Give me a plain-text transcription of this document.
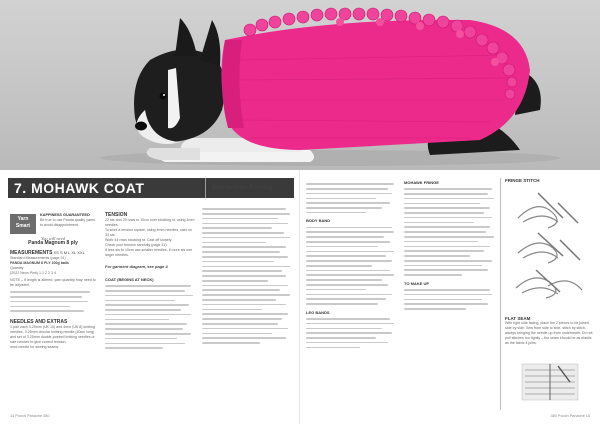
7. MOHAWK COAT	Intermediate Knitting
Yarn Smart
KAPPINESS GUARANTEED
Be true to use Panda quality yarns to avoid disappointment.
You will need
Panda Magnum 8 ply
MEASUREMENTS XS S M L XL XXL
Standard Measurements (page 31)
PANDA MAGNUM 8 PLY 100g balls
Quantity
(2022 Neon Pink) 1 1 2 2 3 4
NOTE – If length is altered, yarn quantity may need to be adjusted.
NEEDLES AND EXTRAS
1 pair each 3.25mm (UK 10) and 4mm (UK 8) knitting needles, 3.25mm circular knitting needle (40cm long) and set of 3.25mm double-pointed knitting needles or size needed to give correct tension.
wool needle for sewing seams.
TENSION
22 sts and 29 rows to 10cm over stocking st, using 4mm needles.
To work a tension square, using 4mm needles, cast on 33 sts.
Work 44 rows stocking st. Cast off loosely.
Check your tension carefully (page 31).
If less sts to 10cm use smaller needles, if more sts use larger needles.
For garment diagram, see page 4
COAT (BEGINS AT NECK)
BODY BAND
LEG BANDS
MOHAWK FRINGE
TO MAKE UP
FRINGE STITCH
FLAT SEAM
With right side facing, place the 2 pieces to be joined side by side. Sew from side to side, stitch by stitch, always bringing the needle up from underneath. Do not pull stitches too tightly – the seam should be as elastic as the fabric it joins.
14 Pooch Panache 380	380 Pooch Panache 15
